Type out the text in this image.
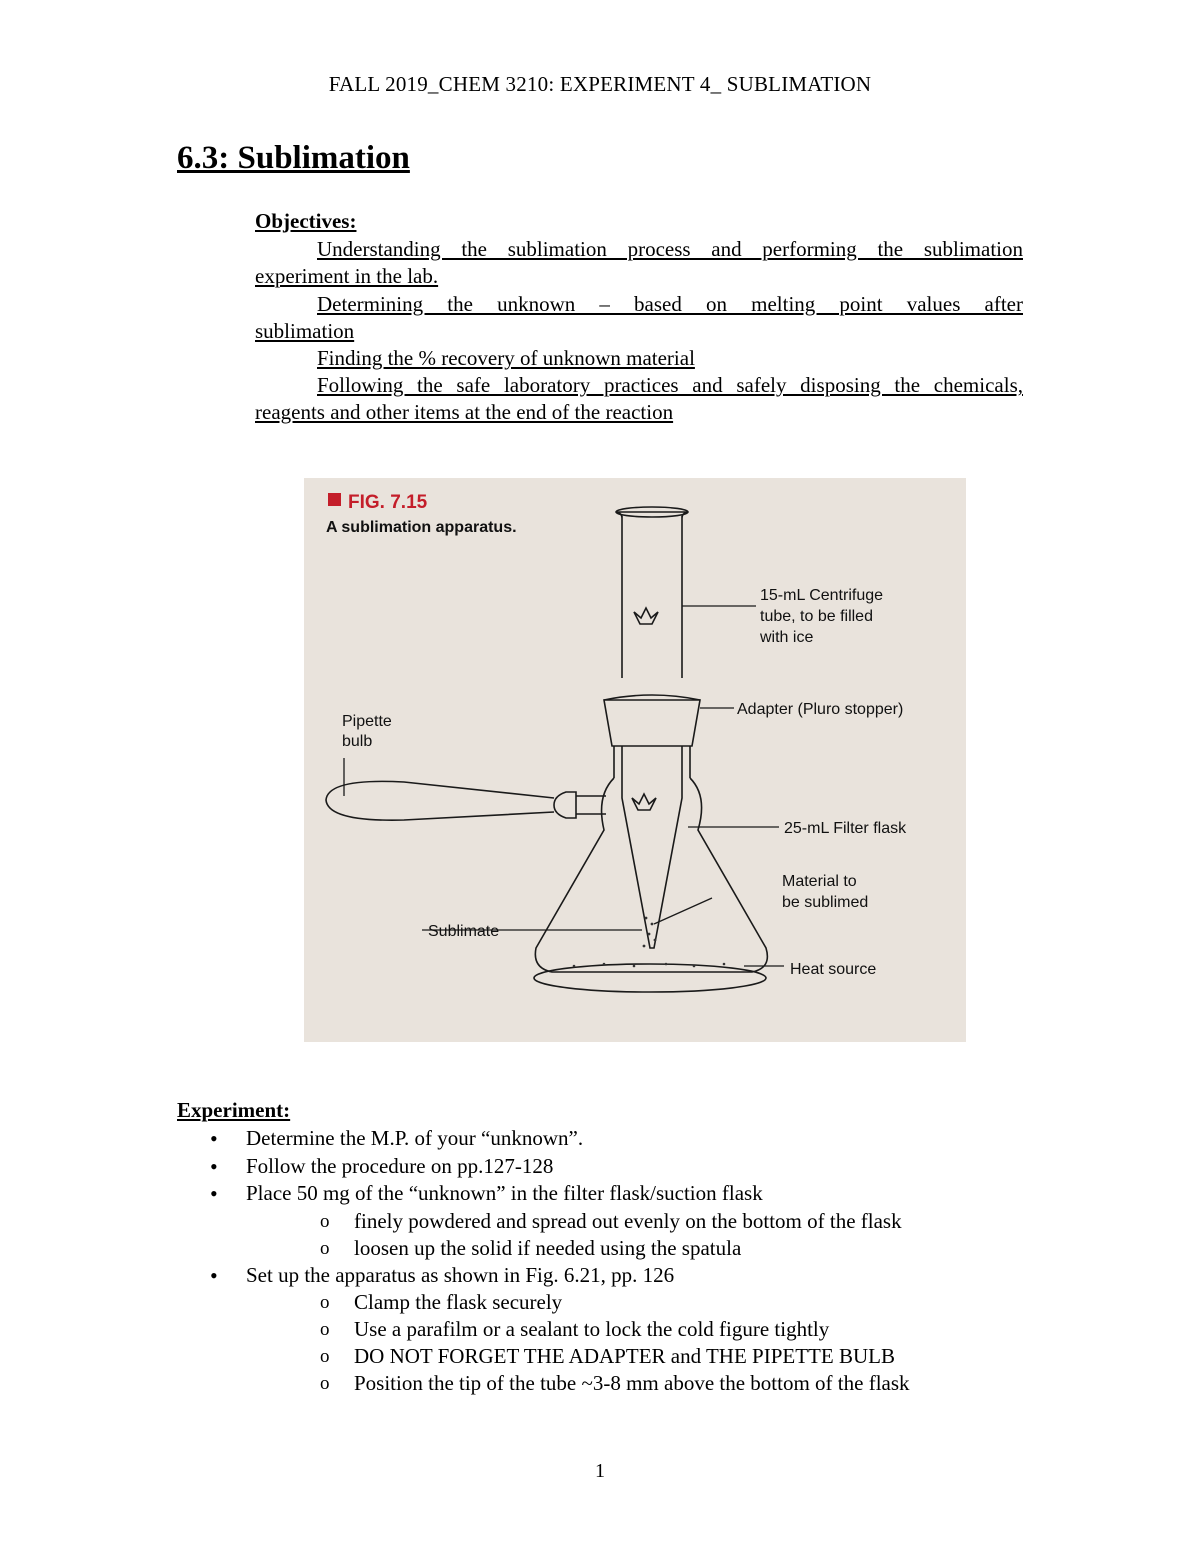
FALL 2019_CHEM 3210: EXPERIMENT 4_ SUBLIMATION
6.3: Sublimation
Objectives:
Understanding the sublimation process and performing the sublimation
experiment in the lab.
Determining the unknown – based on melting point values after
sublimation
Finding the % recovery of unknown material
Following the safe laboratory practices and safely disposing the chemicals,
reagents and other items at the end of the reaction
FIG. 7.15
A sublimation apparatus.
15-mL Centrifuge
tube, to be filled
with ice
Adapter (Pluro stopper)
Pipette
bulb
25-mL Filter flask
Material to
be sublimed
Sublimate
Heat source
Experiment:
• Determine the M.P. of your “unknown”.
• Follow the procedure on pp.127-128
• Place 50 mg of the “unknown” in the filter flask/suction flask
o finely powdered and spread out evenly on the bottom of the flask
o loosen up the solid if needed using the spatula
• Set up the apparatus as shown in Fig. 6.21, pp. 126
o Clamp the flask securely
o Use a parafilm or a sealant to lock the cold figure tightly
o DO NOT FORGET THE ADAPTER and THE PIPETTE BULB
o Position the tip of the tube ~3-8 mm above the bottom of the flask
1
